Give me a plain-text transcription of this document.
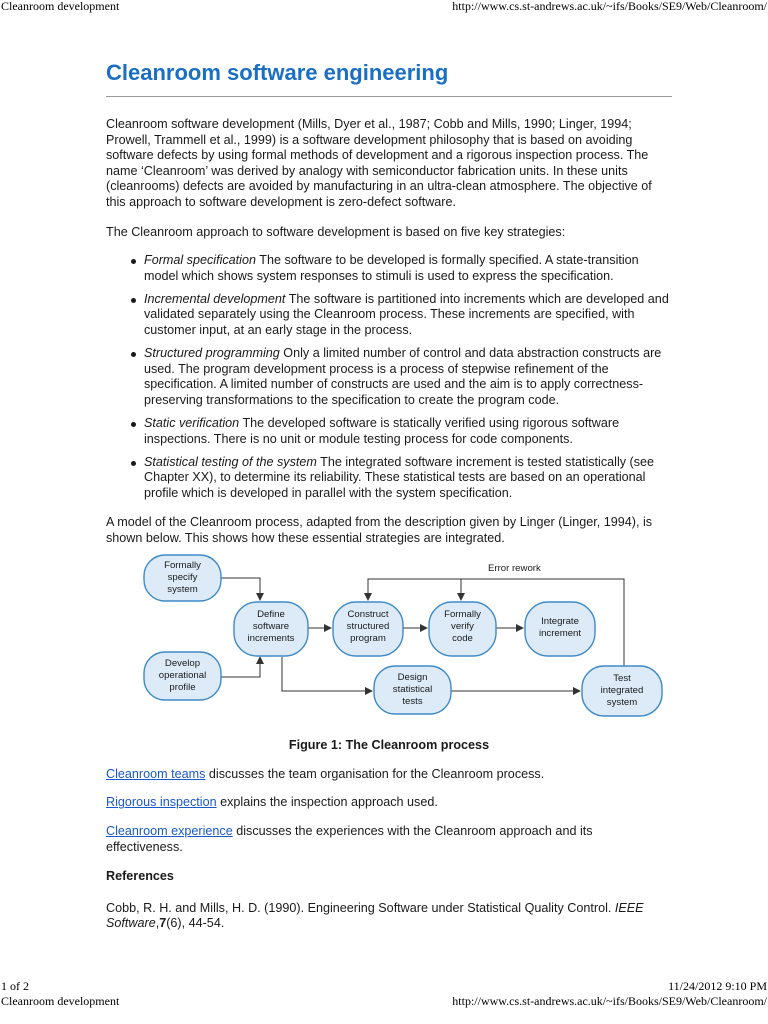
Cleanroom development	http://www.cs.st-andrews.ac.uk/~ifs/Books/SE9/Web/Cleanroom/
Cleanroom software engineering

Cleanroom software development (Mills, Dyer et al., 1987; Cobb and Mills, 1990; Linger, 1994; Prowell, Trammell et al., 1999) is a software development philosophy that is based on avoiding software defects by using formal methods of development and a rigorous inspection process. The name ‘Cleanroom’ was derived by analogy with semiconductor fabrication units. In these units (cleanrooms) defects are avoided by manufacturing in an ultra-clean atmosphere. The objective of this approach to software development is zero-defect software.

The Cleanroom approach to software development is based on five key strategies:

Formal specification The software to be developed is formally specified. A state-transition model which shows system responses to stimuli is used to express the specification.
Incremental development The software is partitioned into increments which are developed and validated separately using the Cleanroom process. These increments are specified, with customer input, at an early stage in the process.
Structured programming Only a limited number of control and data abstraction constructs are used. The program development process is a process of stepwise refinement of the specification. A limited number of constructs are used and the aim is to apply correctness-preserving transformations to the specification to create the program code.
Static verification The developed software is statically verified using rigorous software inspections. There is no unit or module testing process for code components.
Statistical testing of the system The integrated software increment is tested statistically (see Chapter XX), to determine its reliability. These statistical tests are based on an operational profile which is developed in parallel with the system specification.

A model of the Cleanroom process, adapted from the description given by Linger (Linger, 1994), is shown below. This shows how these essential strategies are integrated.

Error rework
Formally
specify
system
Develop
operational
profile
Define
software
increments
Construct
structured
program
Formally
verify
code
Integrate
increment
Design
statistical
tests
Test
integrated
system

Figure 1: The Cleanroom process

Cleanroom teams discusses the team organisation for the Cleanroom process.

Rigorous inspection explains the inspection approach used.

Cleanroom experience discusses the experiences with the Cleanroom approach and its effectiveness.

References

Cobb, R. H. and Mills, H. D. (1990). Engineering Software under Statistical Quality Control. IEEE Software,7(6), 44-54.

1 of 2	11/24/2012 9:10 PM
Cleanroom development	http://www.cs.st-andrews.ac.uk/~ifs/Books/SE9/Web/Cleanroom/
